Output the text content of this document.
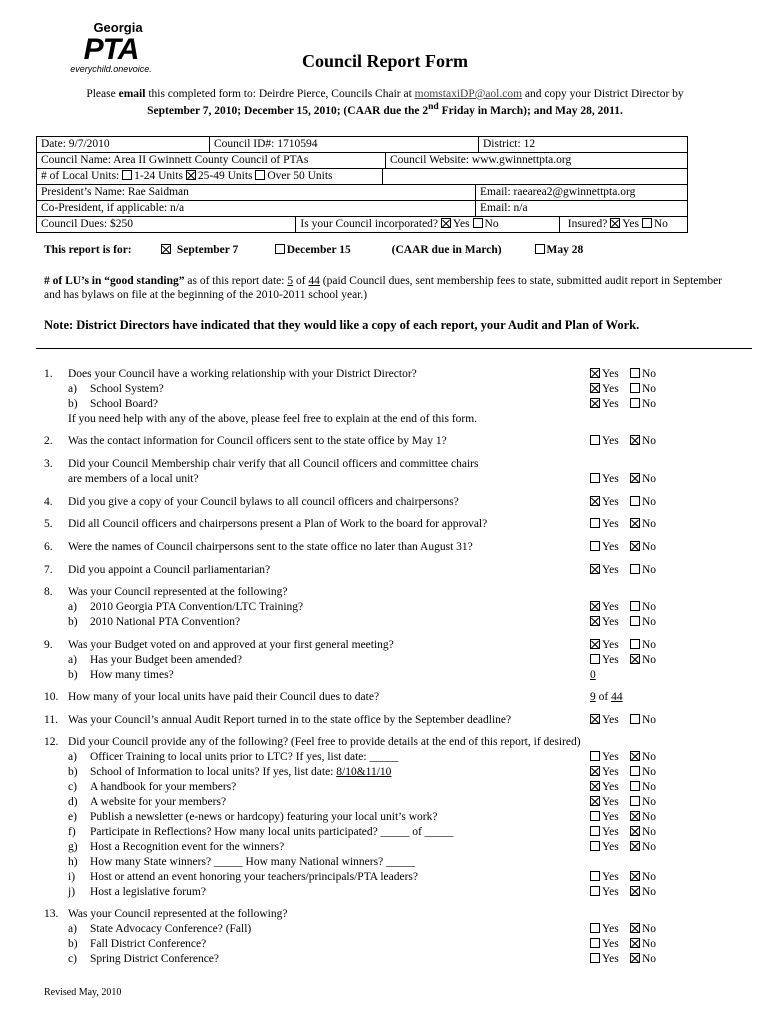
Georgia
PTA
everychild.onevoice.	Council Report Form
Please email this completed form to: Deirdre Pierce, Councils Chair at momstaxiDP@aol.com and copy your District Director by
September 7, 2010; December 15, 2010; (CAAR due the 2nd Friday in March); and May 28, 2011.
Date: 9/7/2010	Council ID#: 1710594	District: 12
Council Name: Area II Gwinnett County Council of PTAs	Council Website: www.gwinnettpta.org
# of Local Units: 1-24 Units 25-49 Units Over 50 Units
President’s Name: Rae Saidman	Email: raearea2@gwinnettpta.org
Co-President, if applicable: n/a	Email: n/a
Council Dues: $250	Is your Council incorporated? Yes No	Insured? Yes No
This report is for:	September 7	December 15	(CAAR due in March)	May 28
# of LU’s in “good standing” as of this report date: 5 of 44 (paid Council dues, sent membership fees to state, submitted audit report in September and has bylaws on file at the beginning of the 2010-2011 school year.)
Note: District Directors have indicated that they would like a copy of each report, your Audit and Plan of Work.
1. Does your Council have a working relationship with your District Director?	Yes No
a) School System?	Yes No
b) School Board?	Yes No
If you need help with any of the above, please feel free to explain at the end of this form.
2. Was the contact information for Council officers sent to the state office by May 1?	Yes No
3. Did your Council Membership chair verify that all Council officers and committee chairs
are members of a local unit?	Yes No
4. Did you give a copy of your Council bylaws to all council officers and chairpersons?	Yes No
5. Did all Council officers and chairpersons present a Plan of Work to the board for approval?	Yes No
6. Were the names of Council chairpersons sent to the state office no later than August 31?	Yes No
7. Did you appoint a Council parliamentarian?	Yes No
8. Was your Council represented at the following?
a) 2010 Georgia PTA Convention/LTC Training?	Yes No
b) 2010 National PTA Convention?	Yes No
9. Was your Budget voted on and approved at your first general meeting?	Yes No
a) Has your Budget been amended?	Yes No
b) How many times?	0
10. How many of your local units have paid their Council dues to date?	9 of 44
11. Was your Council’s annual Audit Report turned in to the state office by the September deadline?	Yes No
12. Did your Council provide any of the following? (Feel free to provide details at the end of this report, if desired)
a) Officer Training to local units prior to LTC? If yes, list date: _____	Yes No
b) School of Information to local units? If yes, list date: 8/10&11/10	Yes No
c) A handbook for your members?	Yes No
d) A website for your members?	Yes No
e) Publish a newsletter (e-news or hardcopy) featuring your local unit’s work?	Yes No
f) Participate in Reflections? How many local units participated? _____ of _____	Yes No
g) Host a Recognition event for the winners?	Yes No
h) How many State winners? _____ How many National winners? _____
i) Host or attend an event honoring your teachers/principals/PTA leaders?	Yes No
j) Host a legislative forum?	Yes No
13. Was your Council represented at the following?
a) State Advocacy Conference? (Fall)	Yes No
b) Fall District Conference?	Yes No
c) Spring District Conference?	Yes No
Revised May, 2010
